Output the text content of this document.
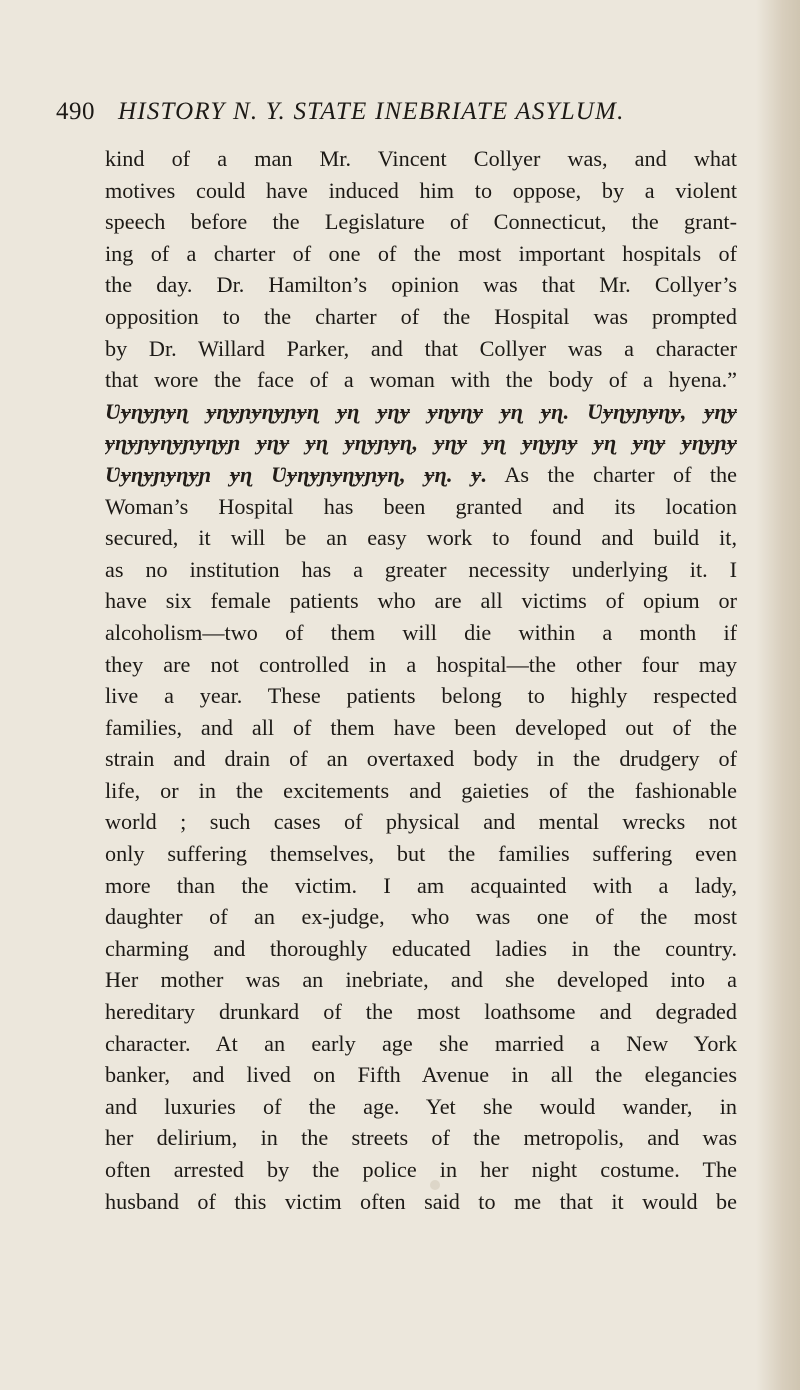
490 HISTORY N. Y. STATE INEBRIATE ASYLUM.
kind of a man Mr. Vincent Collyer was, and what
motives could have induced him to oppose, by a violent
speech before the Legislature of Connecticut, the grant-
ing of a charter of one of the most important hospitals of
the day. Dr. Hamilton’s opinion was that Mr. Collyer’s
opposition to the charter of the Hospital was prompted
by Dr. Willard Parker, and that Collyer was a character
that wore the face of a woman with the body of a hyena.”
Ʋɏɳɏɲɏɳ ɏɳɏɲɏɳɏɲɏɳ ɏɳ ɏɳɏ ɏɳɏɳɏ ɏɳ ɏɳ. Ʋɏɳɏɲɏɳɏ, ɏɳɏ
ɏɳɏɲɏɳɏɲɏɳɏɲ ɏɳɏ ɏɳ ɏɳɏɲɏɳ, ɏɳɏ ɏɳ ɏɳɏɲɏ ɏɳ ɏɳɏ ɏɳɏɲɏ
Ʋɏɳɏɲɏɳɏɲ ɏɳ Ʋɏɳɏɲɏɳɏɲɏɳ, ɏɳ. ɏ. As the charter of the
Woman’s Hospital has been granted and its location
secured, it will be an easy work to found and build it,
as no institution has a greater necessity underlying it. I
have six female patients who are all victims of opium or
alcoholism—two of them will die within a month if
they are not controlled in a hospital—the other four may
live a year. These patients belong to highly respected
families, and all of them have been developed out of the
strain and drain of an overtaxed body in the drudgery of
life, or in the excitements and gaieties of the fashionable
world ; such cases of physical and mental wrecks not
only suffering themselves, but the families suffering even
more than the victim. I am acquainted with a lady,
daughter of an ex-judge, who was one of the most
charming and thoroughly educated ladies in the country.
Her mother was an inebriate, and she developed into a
hereditary drunkard of the most loathsome and degraded
character. At an early age she married a New York
banker, and lived on Fifth Avenue in all the elegancies
and luxuries of the age. Yet she would wander, in
her delirium, in the streets of the metropolis, and was
often arrested by the police in her night costume. The
husband of this victim often said to me that it would be
